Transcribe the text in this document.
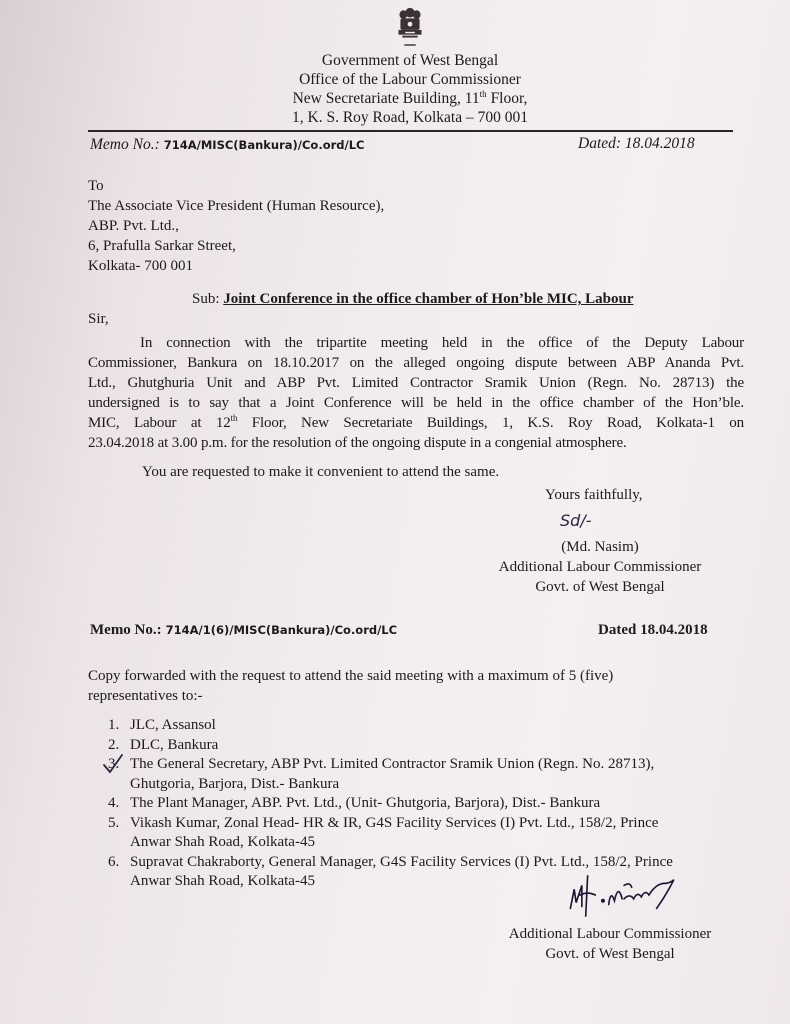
Government of West Bengal
Office of the Labour Commissioner
New Secretariate Building, 11th Floor,
1, K. S. Roy Road, Kolkata – 700 001
Memo No.: 714A/MISC(Bankura)/Co.ord/LC	Dated: 18.04.2018
To
The Associate Vice President (Human Resource),
ABP. Pvt. Ltd.,
6, Prafulla Sarkar Street,
Kolkata- 700 001
Sub: Joint Conference in the office chamber of Hon’ble MIC, Labour
Sir,
In connection with the tripartite meeting held in the office of the Deputy Labour
Commissioner, Bankura on 18.10.2017 on the alleged ongoing dispute between ABP Ananda Pvt.
Ltd., Ghutghuria Unit and ABP Pvt. Limited Contractor Sramik Union (Regn. No. 28713) the
undersigned is to say that a Joint Conference will be held in the office chamber of the Hon’ble.
MIC, Labour at 12th Floor, New Secretariate Buildings, 1, K.S. Roy Road, Kolkata-1 on
23.04.2018 at 3.00 p.m. for the resolution of the ongoing dispute in a congenial atmosphere.
You are requested to make it convenient to attend the same.
Yours faithfully,
Sd/-
(Md. Nasim)
Additional Labour Commissioner
Govt. of West Bengal
Memo No.: 714A/1(6)/MISC(Bankura)/Co.ord/LC	Dated 18.04.2018
Copy forwarded with the request to attend the said meeting with a maximum of 5 (five)
representatives to:-
1. JLC, Assansol
2. DLC, Bankura
3. The General Secretary, ABP Pvt. Limited Contractor Sramik Union (Regn. No. 28713),
Ghutgoria, Barjora, Dist.- Bankura
4. The Plant Manager, ABP. Pvt. Ltd., (Unit- Ghutgoria, Barjora), Dist.- Bankura
5. Vikash Kumar, Zonal Head- HR & IR, G4S Facility Services (I) Pvt. Ltd., 158/2, Prince
Anwar Shah Road, Kolkata-45
6. Supravat Chakraborty, General Manager, G4S Facility Services (I) Pvt. Ltd., 158/2, Prince
Anwar Shah Road, Kolkata-45
Additional Labour Commissioner
Govt. of West Bengal
